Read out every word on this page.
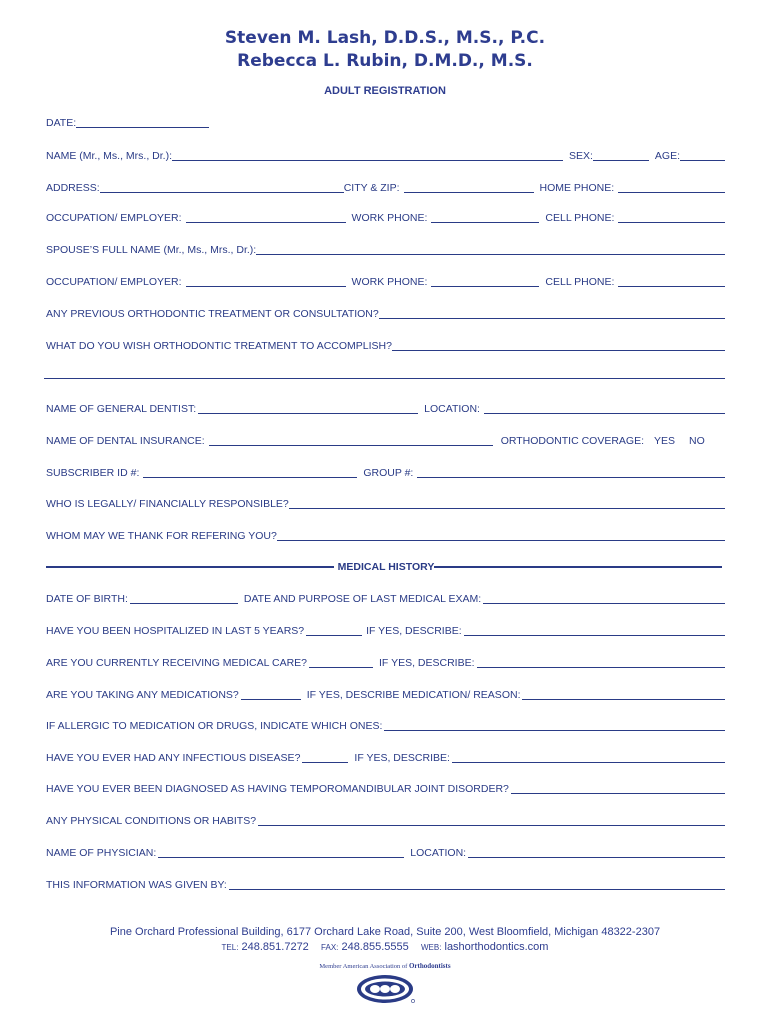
Steven M. Lash, D.D.S., M.S., P.C.
Rebecca L. Rubin, D.M.D., M.S.
ADULT REGISTRATION
DATE:
NAME (Mr., Ms., Mrs., Dr.):	SEX:	AGE:
ADDRESS:	CITY & ZIP:	HOME PHONE:
OCCUPATION/ EMPLOYER:	WORK PHONE:	CELL PHONE:
SPOUSE’S FULL NAME (Mr., Ms., Mrs., Dr.):
OCCUPATION/ EMPLOYER:	WORK PHONE:	CELL PHONE:
ANY PREVIOUS ORTHODONTIC TREATMENT OR CONSULTATION?
WHAT DO YOU WISH ORTHODONTIC TREATMENT TO ACCOMPLISH?
NAME OF GENERAL DENTIST:	LOCATION:
NAME OF DENTAL INSURANCE:	ORTHODONTIC COVERAGE: YES NO
SUBSCRIBER ID #:	GROUP #:
WHO IS LEGALLY/ FINANCIALLY RESPONSIBLE?
WHOM MAY WE THANK FOR REFERING YOU?
MEDICAL HISTORY
DATE OF BIRTH:	DATE AND PURPOSE OF LAST MEDICAL EXAM:
HAVE YOU BEEN HOSPITALIZED IN LAST 5 YEARS?	IF YES, DESCRIBE:
ARE YOU CURRENTLY RECEIVING MEDICAL CARE?	IF YES, DESCRIBE:
ARE YOU TAKING ANY MEDICATIONS?	IF YES, DESCRIBE MEDICATION/ REASON:
IF ALLERGIC TO MEDICATION OR DRUGS, INDICATE WHICH ONES:
HAVE YOU EVER HAD ANY INFECTIOUS DISEASE?	IF YES, DESCRIBE:
HAVE YOU EVER BEEN DIAGNOSED AS HAVING TEMPOROMANDIBULAR JOINT DISORDER?
ANY PHYSICAL CONDITIONS OR HABITS?
NAME OF PHYSICIAN:	LOCATION:
THIS INFORMATION WAS GIVEN BY:
Pine Orchard Professional Building, 6177 Orchard Lake Road, Suite 200, West Bloomfield, Michigan 48322-2307
TEL: 248.851.7272 FAX: 248.855.5555 WEB: lashorthodontics.com
Member American Association of Orthodontists
